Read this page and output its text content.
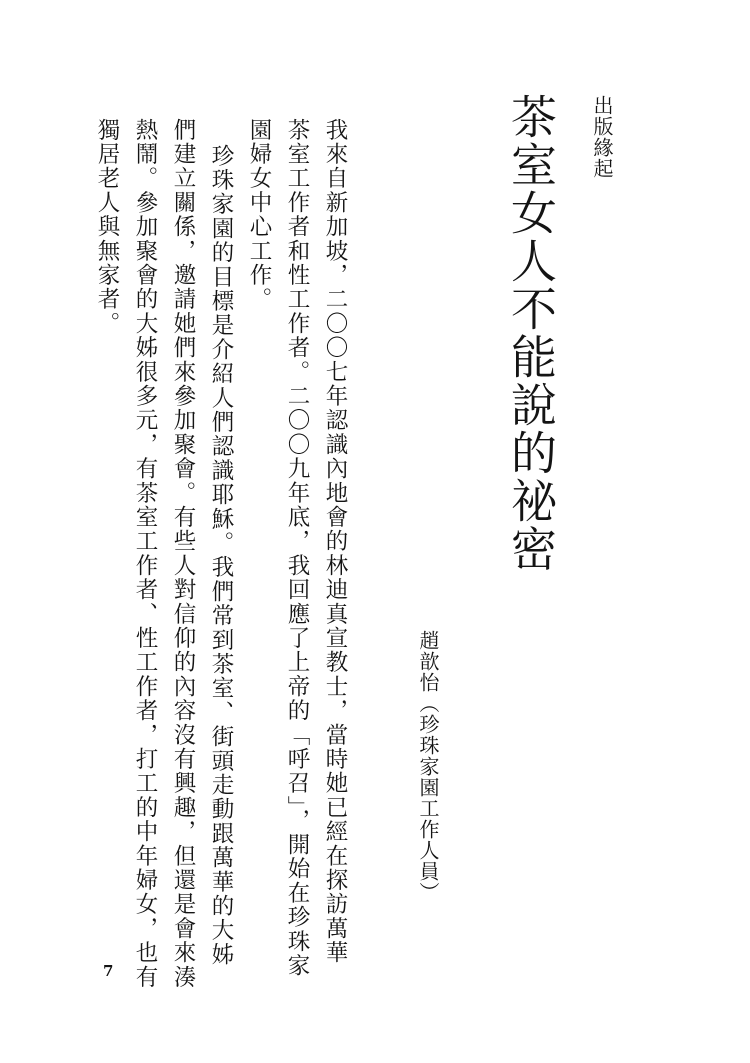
出版緣起

茶室女人不能說的祕密

趙歆怡（珍珠家園工作人員）

我來自新加坡，二〇〇七年認識內地會的林迪真宣教士，當時她已經在探訪萬華

茶室工作者和性工作者。二〇〇九年底，我回應了上帝的「呼召」，開始在珍珠家

園婦女中心工作。

珍珠家園的目標是介紹人們認識耶穌。我們常到茶室、街頭走動跟萬華的大姊

們建立關係，邀請她們來參加聚會。有些人對信仰的內容沒有興趣，但還是會來湊

熱鬧。參加聚會的大姊很多元，有茶室工作者、性工作者，打工的中年婦女，也有

獨居老人與無家者。

7
